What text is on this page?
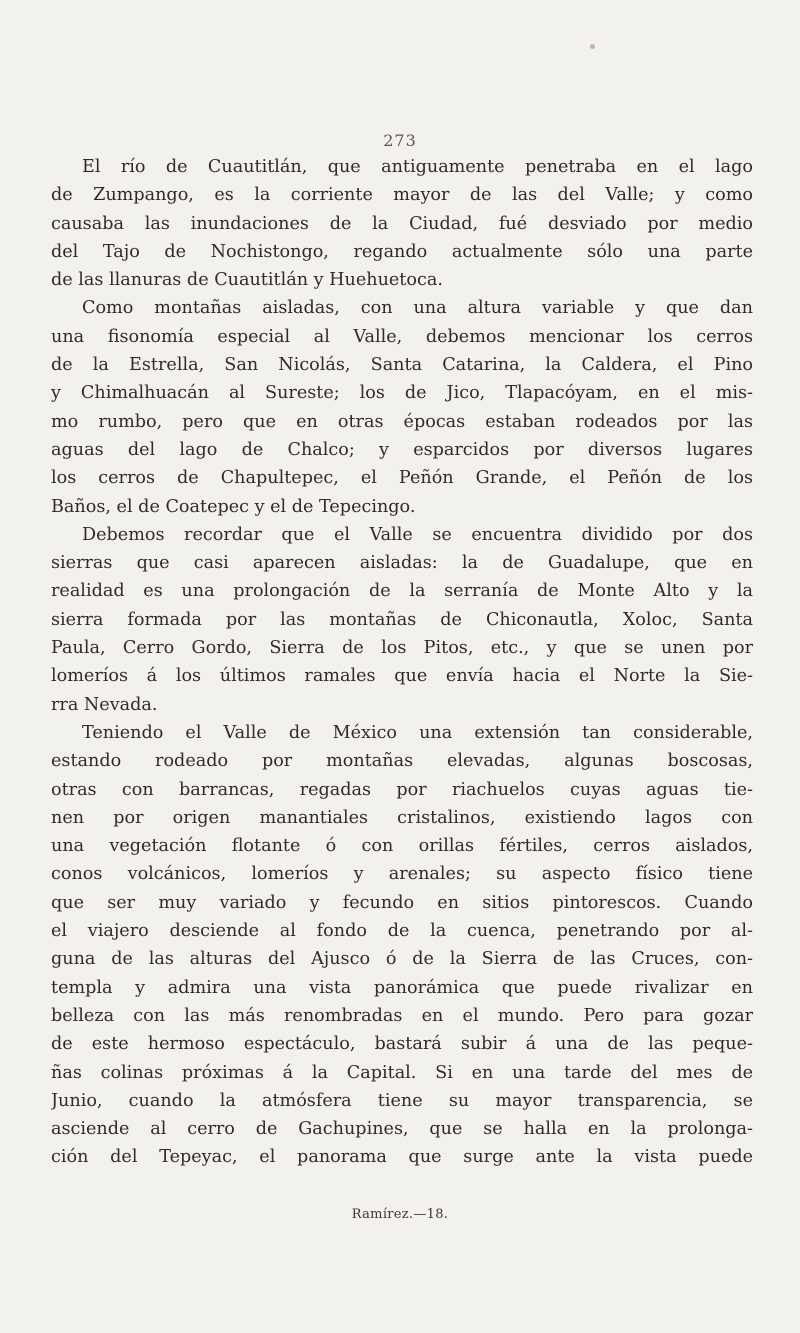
273
El río de Cuautitlán, que antiguamente penetraba en el lago
de Zumpango, es la corriente mayor de las del Valle; y como
causaba las inundaciones de la Ciudad, fué desviado por medio
del Tajo de Nochistongo, regando actualmente sólo una parte
de las llanuras de Cuautitlán y Huehuetoca.
Como montañas aisladas, con una altura variable y que dan
una fisonomía especial al Valle, debemos mencionar los cerros
de la Estrella, San Nicolás, Santa Catarina, la Caldera, el Pino
y Chimalhuacán al Sureste; los de Jico, Tlapacóyam, en el mis-
mo rumbo, pero que en otras épocas estaban rodeados por las
aguas del lago de Chalco; y esparcidos por diversos lugares
los cerros de Chapultepec, el Peñón Grande, el Peñón de los
Baños, el de Coatepec y el de Tepecingo.
Debemos recordar que el Valle se encuentra dividido por dos
sierras que casi aparecen aisladas: la de Guadalupe, que en
realidad es una prolongación de la serranía de Monte Alto y la
sierra formada por las montañas de Chiconautla, Xoloc, Santa
Paula, Cerro Gordo, Sierra de los Pitos, etc., y que se unen por
lomeríos á los últimos ramales que envía hacia el Norte la Sie-
rra Nevada.
Teniendo el Valle de México una extensión tan considerable,
estando rodeado por montañas elevadas, algunas boscosas,
otras con barrancas, regadas por riachuelos cuyas aguas tie-
nen por origen manantiales cristalinos, existiendo lagos con
una vegetación flotante ó con orillas fértiles, cerros aislados,
conos volcánicos, lomeríos y arenales; su aspecto físico tiene
que ser muy variado y fecundo en sitios pintorescos. Cuando
el viajero desciende al fondo de la cuenca, penetrando por al-
guna de las alturas del Ajusco ó de la Sierra de las Cruces, con-
templa y admira una vista panorámica que puede rivalizar en
belleza con las más renombradas en el mundo. Pero para gozar
de este hermoso espectáculo, bastará subir á una de las peque-
ñas colinas próximas á la Capital. Si en una tarde del mes de
Junio, cuando la atmósfera tiene su mayor transparencia, se
asciende al cerro de Gachupines, que se halla en la prolonga-
ción del Tepeyac, el panorama que surge ante la vista puede
Ramírez.—18.
